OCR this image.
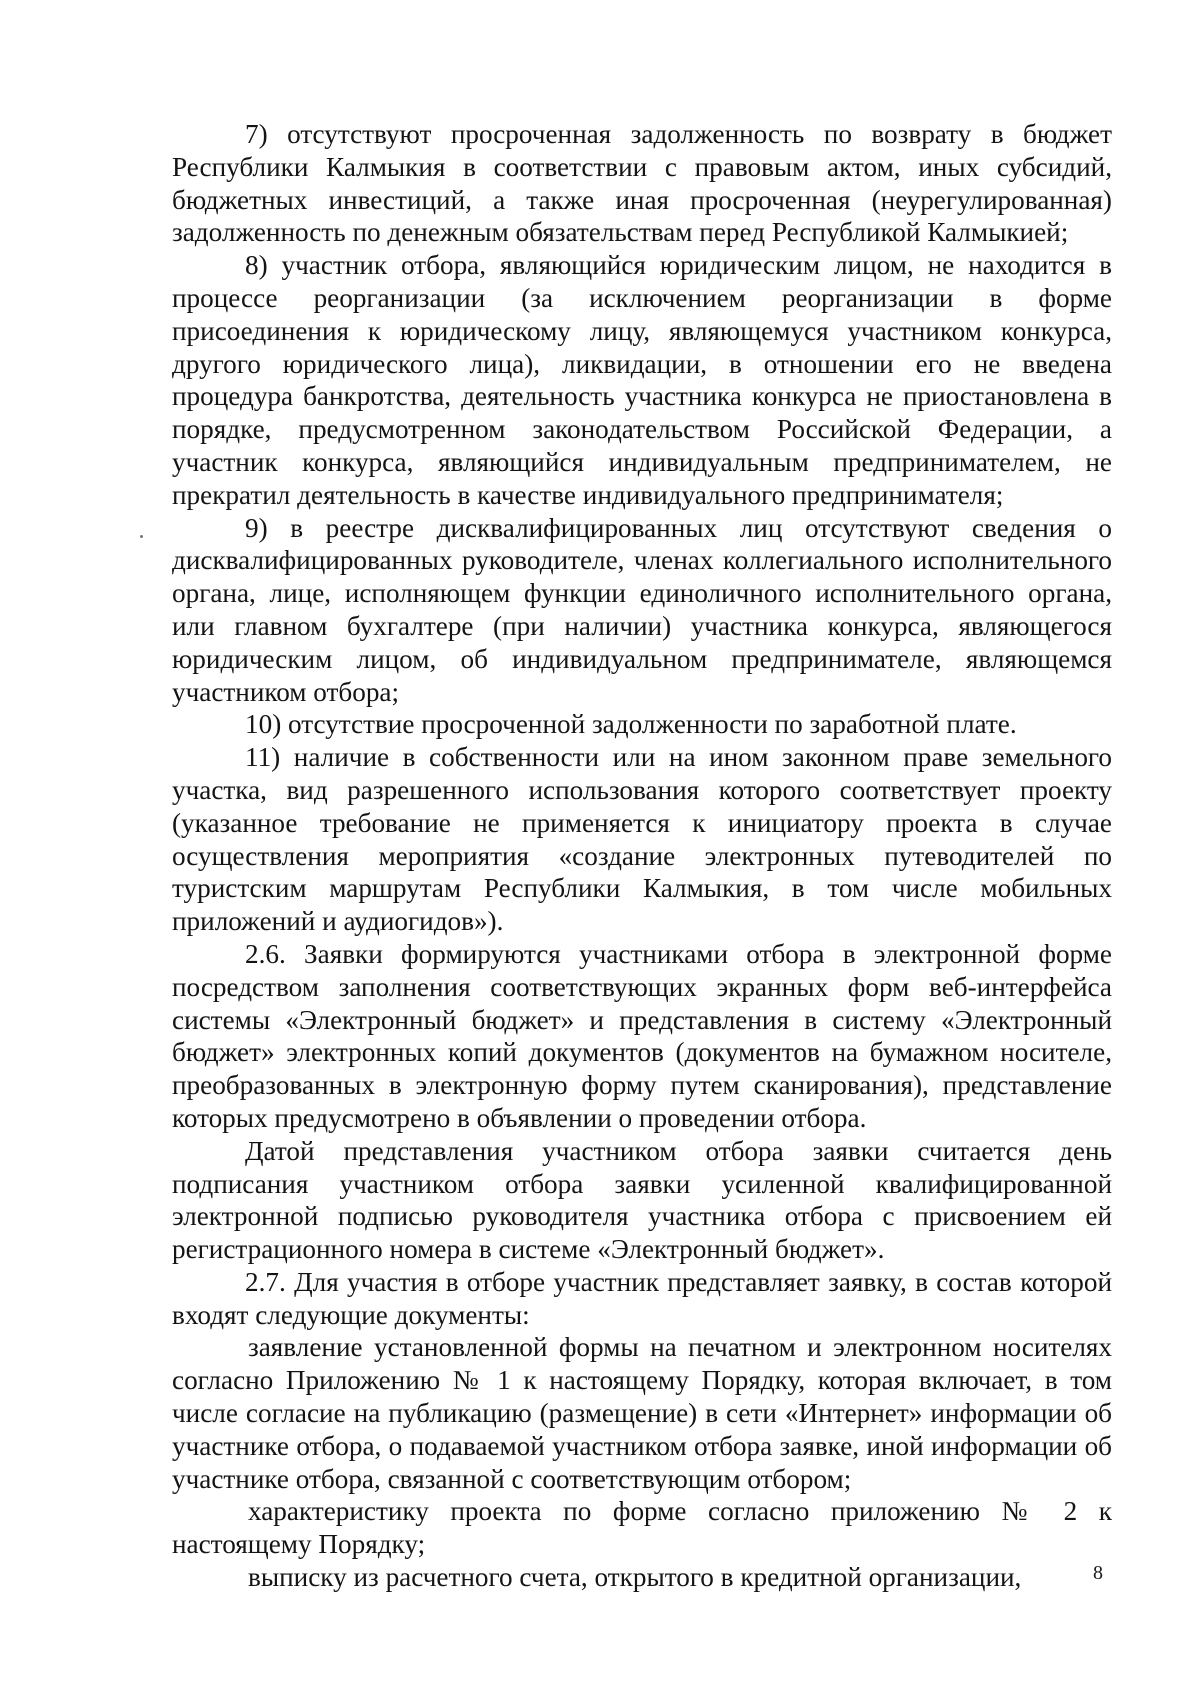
7) отсутствуют просроченная задолженность по возврату в бюджет Республики Калмыкия в соответствии с правовым актом, иных субсидий, бюджетных инвестиций, а также иная просроченная (неурегулированная) задолженность по денежным обязательствам перед Республикой Калмыкией;

8) участник отбора, являющийся юридическим лицом, не находится в процессе реорганизации (за исключением реорганизации в форме присоединения к юридическому лицу, являющемуся участником конкурса, другого юридического лица), ликвидации, в отношении его не введена процедура банкротства, деятельность участника конкурса не приостановлена в порядке, предусмотренном законодательством Российской Федерации, а участник конкурса, являющийся индивидуальным предпринимателем, не прекратил деятельность в качестве индивидуального предпринимателя;

9) в реестре дисквалифицированных лиц отсутствуют сведения о дисквалифицированных руководителе, членах коллегиального исполнительного органа, лице, исполняющем функции единоличного исполнительного органа, или главном бухгалтере (при наличии) участника конкурса, являющегося юридическим лицом, об индивидуальном предпринимателе, являющемся участником отбора;

10) отсутствие просроченной задолженности по заработной плате.

11) наличие в собственности или на ином законном праве земельного участка, вид разрешенного использования которого соответствует проекту (указанное требование не применяется к инициатору проекта в случае осуществления мероприятия «создание электронных путеводителей по туристским маршрутам Республики Калмыкия, в том числе мобильных приложений и аудиогидов»).

2.6. Заявки формируются участниками отбора в электронной форме посредством заполнения соответствующих экранных форм веб-интерфейса системы «Электронный бюджет» и представления в систему «Электронный бюджет» электронных копий документов (документов на бумажном носителе, преобразованных в электронную форму путем сканирования), представление которых предусмотрено в объявлении о проведении отбора.

Датой представления участником отбора заявки считается день подписания участником отбора заявки усиленной квалифицированной электронной подписью руководителя участника отбора с присвоением ей регистрационного номера в системе «Электронный бюджет».

2.7. Для участия в отборе участник представляет заявку, в состав которой входят следующие документы:

заявление установленной формы на печатном и электронном носителях согласно Приложению № 1 к настоящему Порядку, которая включает, в том числе согласие на публикацию (размещение) в сети «Интернет» информации об участнике отбора, о подаваемой участником отбора заявке, иной информации об участнике отбора, связанной с соответствующим отбором;

характеристику проекта по форме согласно приложению № 2 к настоящему Порядку;

выписку из расчетного счета, открытого в кредитной организации,	8
